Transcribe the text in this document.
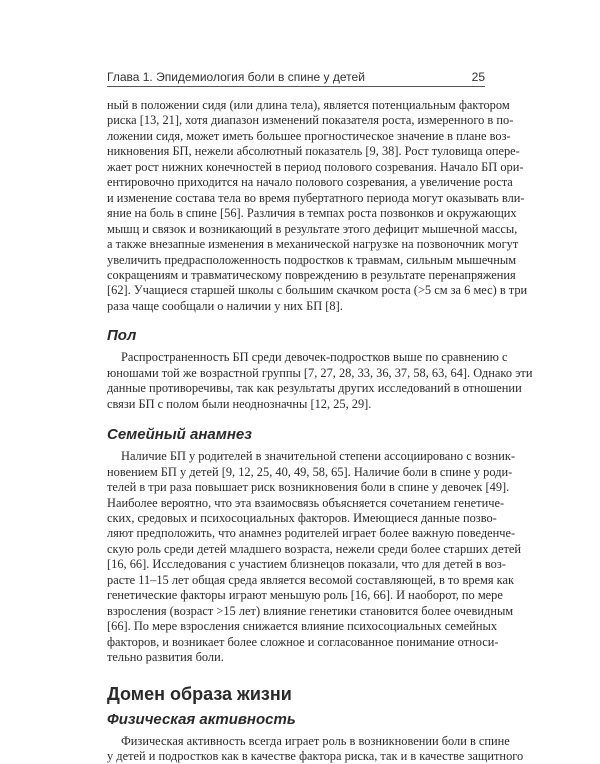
Глава 1. Эпидемиология боли в спине у детей	25
ный в положении сидя (или длина тела), является потенциальным фактором
риска [13, 21], хотя диапазон изменений показателя роста, измеренного в по-
ложении сидя, может иметь большее прогностическое значение в плане воз-
никновения БП, нежели абсолютный показатель [9, 38]. Рост туловища опере-
жает рост нижних конечностей в период полового созревания. Начало БП ори-
ентировочно приходится на начало полового созревания, а увеличение роста
и изменение состава тела во время пубертатного периода могут оказывать вли-
яние на боль в спине [56]. Различия в темпах роста позвонков и окружающих
мышц и связок и возникающий в результате этого дефицит мышечной массы,
а также внезапные изменения в механической нагрузке на позвоночник могут
увеличить предрасположенность подростков к травмам, сильным мышечным
сокращениям и травматическому повреждению в результате перенапряжения
[62]. Учащиеся старшей школы с большим скачком роста (>5 см за 6 мес) в три
раза чаще сообщали о наличии у них БП [8].
Пол
Распространенность БП среди девочек-подростков выше по сравнению с
юношами той же возрастной группы [7, 27, 28, 33, 36, 37, 58, 63, 64]. Однако эти
данные противоречивы, так как результаты других исследований в отношении
связи БП с полом были неоднозначны [12, 25, 29].
Семейный анамнез
Наличие БП у родителей в значительной степени ассоциировано с возник-
новением БП у детей [9, 12, 25, 40, 49, 58, 65]. Наличие боли в спине у роди-
телей в три раза повышает риск возникновения боли в спине у девочек [49].
Наиболее вероятно, что эта взаимосвязь объясняется сочетанием генетиче-
ских, средовых и психосоциальных факторов. Имеющиеся данные позво-
ляют предположить, что анамнез родителей играет более важную поведенче-
скую роль среди детей младшего возраста, нежели среди более старших детей
[16, 66]. Исследования с участием близнецов показали, что для детей в воз-
расте 11–15 лет общая среда является весомой составляющей, в то время как
генетические факторы играют меньшую роль [16, 66]. И наоборот, по мере
взросления (возраст >15 лет) влияние генетики становится более очевидным
[66]. По мере взросления снижается влияние психосоциальных семейных
факторов, и возникает более сложное и согласованное понимание относи-
тельно развития боли.
Домен образа жизни
Физическая активность
Физическая активность всегда играет роль в возникновении боли в спине
у детей и подростков как в качестве фактора риска, так и в качестве защитного
